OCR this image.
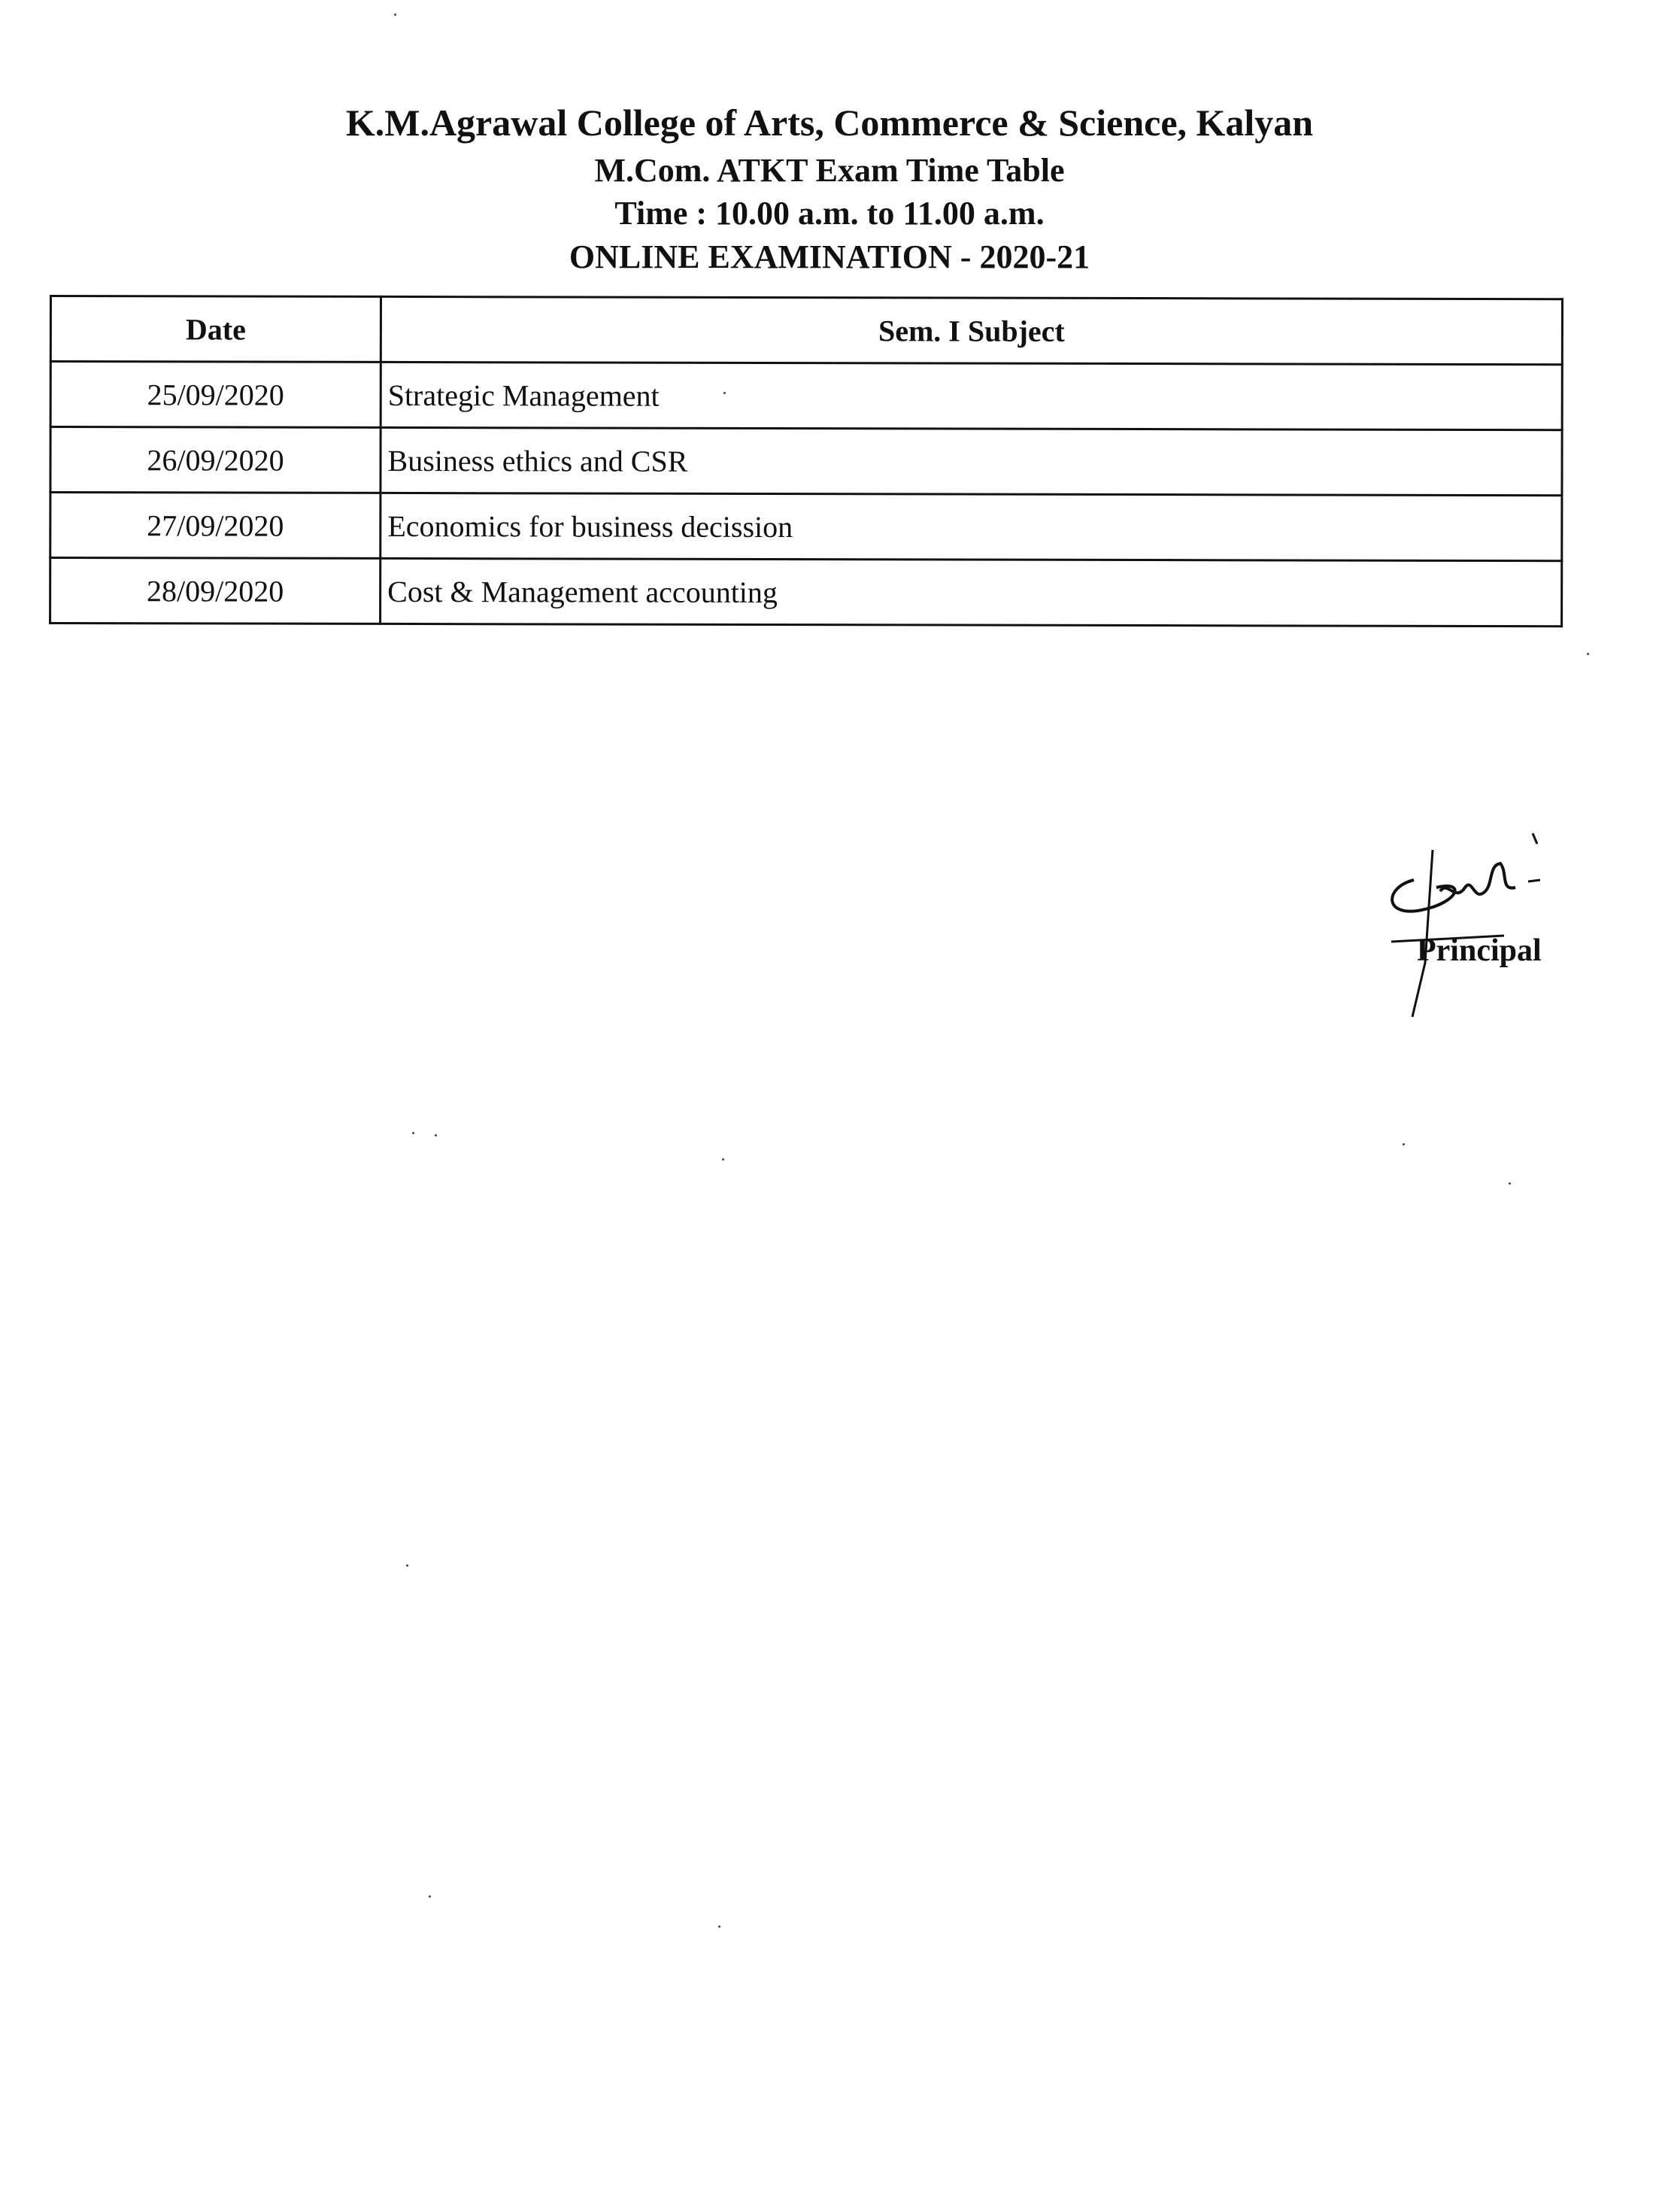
K.M.Agrawal College of Arts, Commerce & Science, Kalyan
M.Com. ATKT Exam Time Table
Time : 10.00 a.m. to 11.00 a.m.
ONLINE EXAMINATION - 2020-21
Date	Sem. I Subject
25/09/2020	Strategic Management
26/09/2020	Business ethics and CSR
27/09/2020	Economics for business decission
28/09/2020	Cost & Management accounting
Principal
